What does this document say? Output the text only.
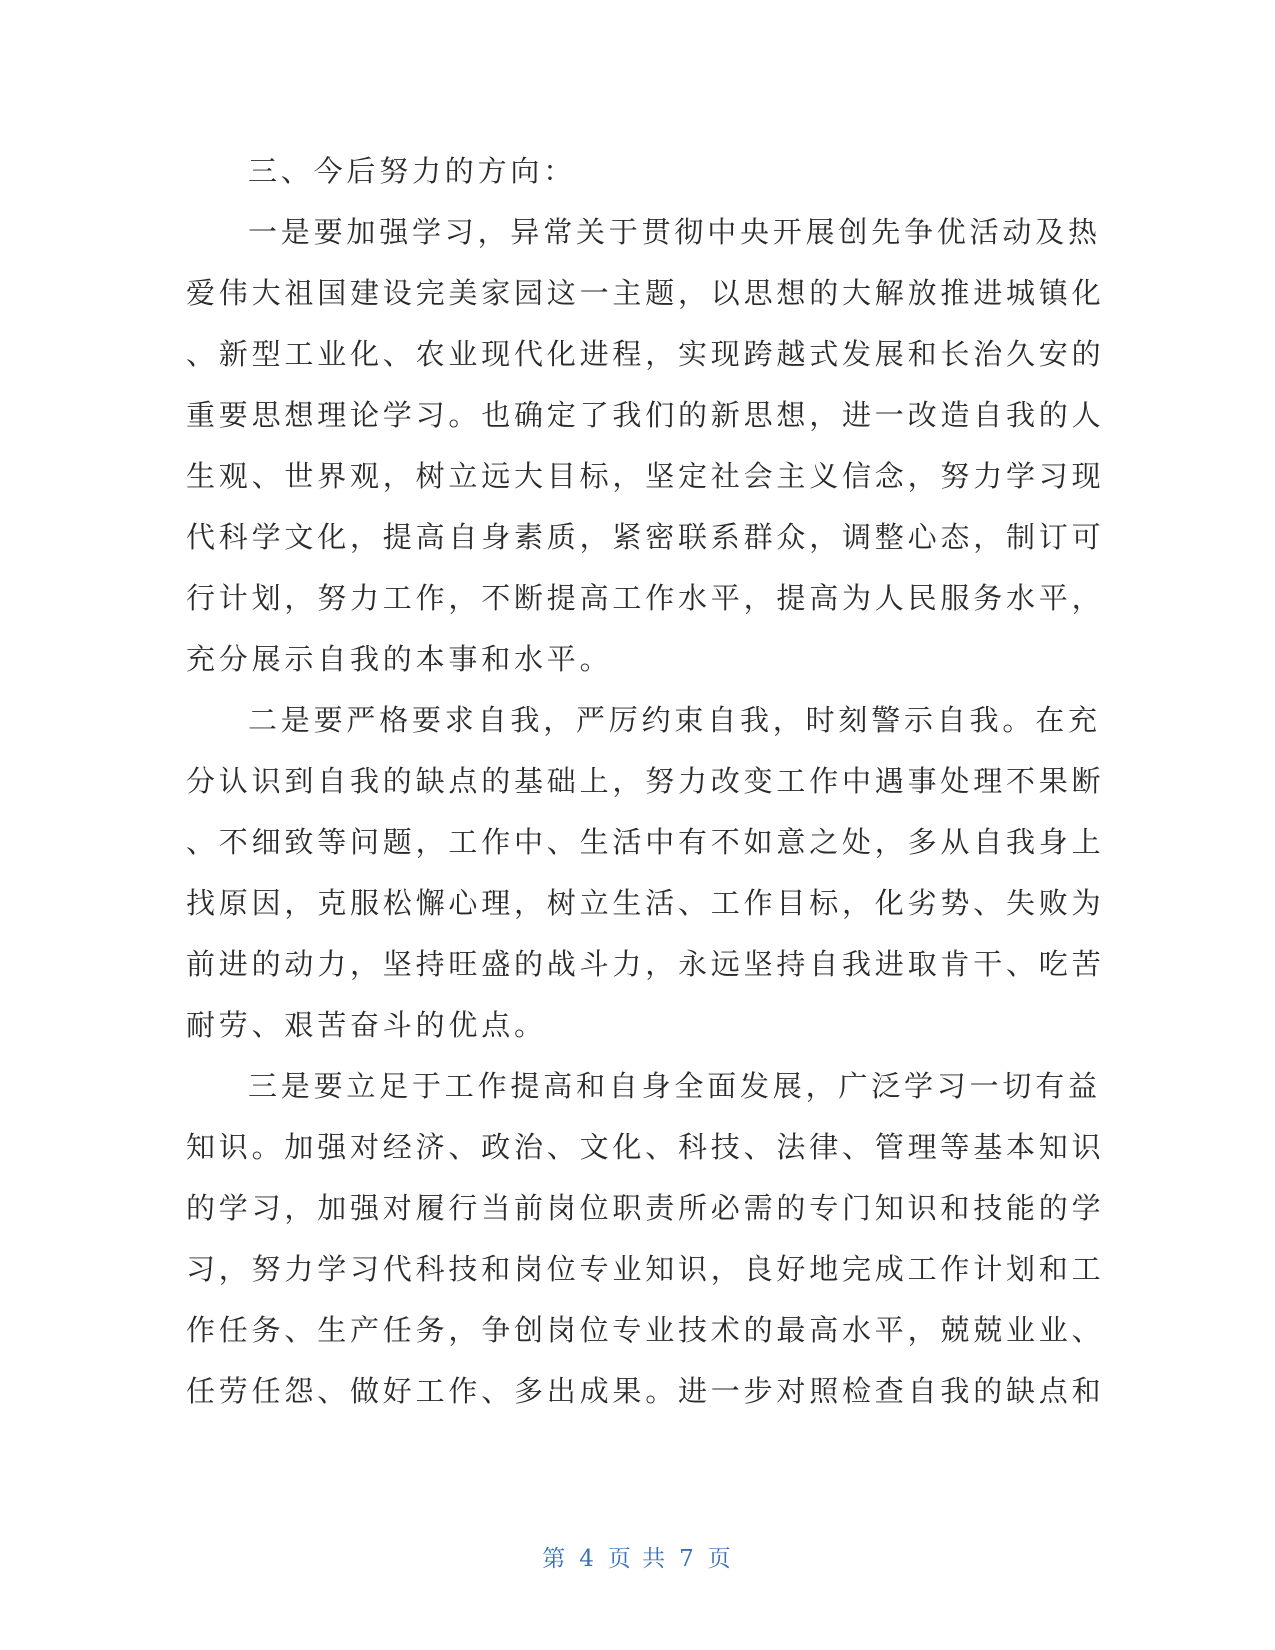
三、今后努力的方向：
一是要加强学习，异常关于贯彻中央开展创先争优活动及热
爱伟大祖国建设完美家园这一主题，以思想的大解放推进城镇化
、新型工业化、农业现代化进程，实现跨越式发展和长治久安的
重要思想理论学习。也确定了我们的新思想，进一改造自我的人
生观、世界观，树立远大目标，坚定社会主义信念，努力学习现
代科学文化，提高自身素质，紧密联系群众，调整心态，制订可
行计划，努力工作，不断提高工作水平，提高为人民服务水平，
充分展示自我的本事和水平。
二是要严格要求自我，严厉约束自我，时刻警示自我。在充
分认识到自我的缺点的基础上，努力改变工作中遇事处理不果断
、不细致等问题，工作中、生活中有不如意之处，多从自我身上
找原因，克服松懈心理，树立生活、工作目标，化劣势、失败为
前进的动力，坚持旺盛的战斗力，永远坚持自我进取肯干、吃苦
耐劳、艰苦奋斗的优点。
三是要立足于工作提高和自身全面发展，广泛学习一切有益
知识。加强对经济、政治、文化、科技、法律、管理等基本知识
的学习，加强对履行当前岗位职责所必需的专门知识和技能的学
习，努力学习代科技和岗位专业知识，良好地完成工作计划和工
作任务、生产任务，争创岗位专业技术的最高水平，兢兢业业、
任劳任怨、做好工作、多出成果。进一步对照检查自我的缺点和
第 4 页 共 7 页
